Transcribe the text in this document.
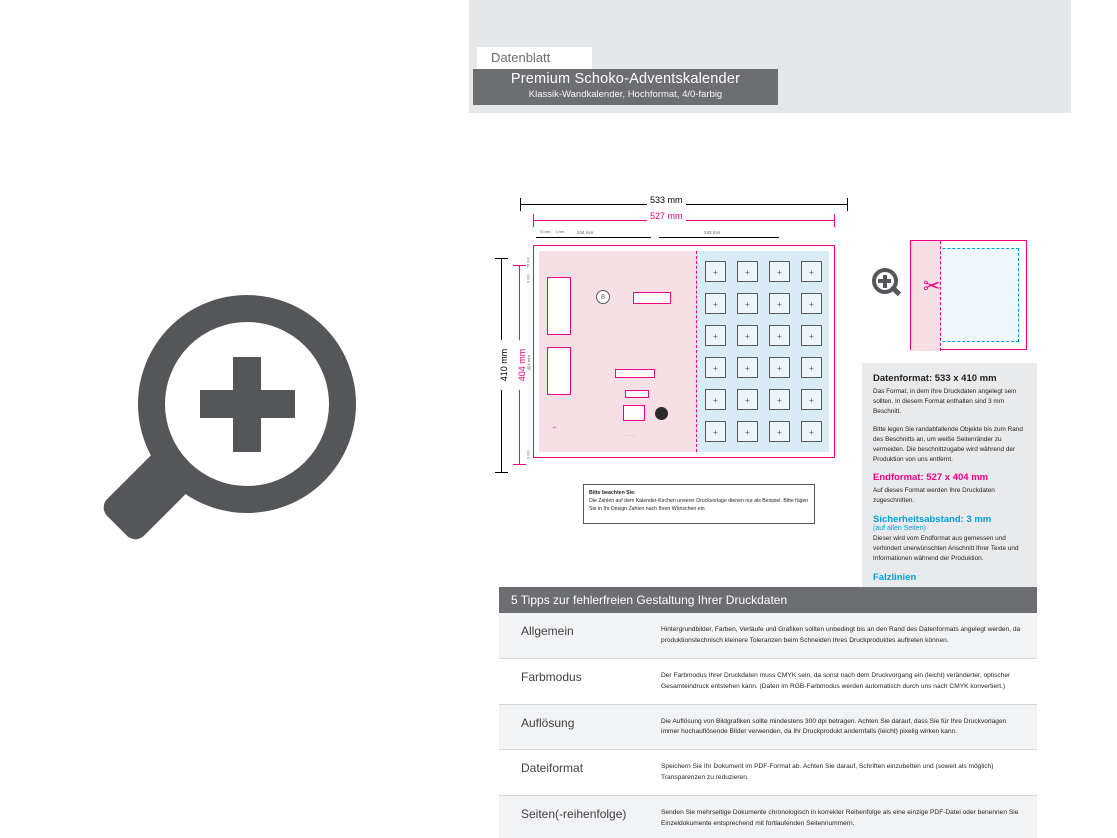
Datenblatt
Premium Schoko-Adventskalender
Klassik-Wandkalender, Hochformat, 4/0-farbig
533 mm
527 mm
70 mm	3 mm	244 mm	243 mm
410 mm 404 mm
70 mm
3 mm
404 mm
3 mm
8
✂
· · · · ·
+
+
+
+
+
+
+
+
+
+
+
+
+
+
+
+
+
+
+
+
+
+
+
+
Bitte beachten Sie:
Die Zahlen auf dem Kalender-Kirchen unserer Druckvorlage dienen nur als Beispiel. Bitte fügen Sie in Ihr Design Zahlen nach Ihren Wünschen ein.
✂
Datenformat: 533 x 410 mm

Das Format, in dem Ihre Druckdaten angelegt sein sollten. In diesem Format enthalten sind 3 mm Beschnitt.

Bitte legen Sie randabfallende Objekte bis zum Rand des Beschnitts an, um weiße Seitenränder zu vermeiden. Die beschnittzugabe wird während der Produktion von uns entfernt.

Endformat: 527 x 404 mm

Auf dieses Format werden Ihre Druckdaten zugeschnitten.

Sicherheitsabstand: 3 mm
(auf allen Seiten)

Dieser wird vom Endformat aus gemessen und verhindert unerwünschten Anschnitt Ihrer Texte und Informationen während der Produktion.

Falzlinien

5 Tipps zur fehlerfreien Gestaltung Ihrer Druckdaten
Allgemein	Hintergrundbilder, Farben, Verläufe und Grafiken sollten unbedingt bis an den Rand des Datenformats angelegt werden, da produktionstechnisch kleinere Toleranzen beim Schneiden Ihres Druckproduktes auftreten können.
Farbmodus	Der Farbmodus Ihrer Druckdaten muss CMYK sein, da sonst nach dem Druckvorgang ein (leicht) veränderter, optischer Gesamteindruck entstehen kann. (Daten im RGB-Farbmodus werden automatisch durch uns nach CMYK konvertiert.)
Auflösung	Die Auflösung von Bildgrafiken sollte mindestens 300 dpi betragen. Achten Sie darauf, dass Sie für Ihre Druckvorlagen immer hochauflösende Bilder verwenden, da Ihr Druckprodukt andernfalls (leicht) pixelig wirken kann.
Dateiformat	Speichern Sie Ihr Dokument im PDF-Format ab. Achten Sie darauf, Schriften einzubetten und (soweit als möglich) Transparenzen zu reduzieren.
Seiten(-reihenfolge)	Senden Sie mehrseitige Dokumente chronologisch in korrekter Reihenfolge als eine einzige PDF-Datei oder benennen Sie Einzeldokumente entsprechend mit fortlaufenden Seitennummern.
